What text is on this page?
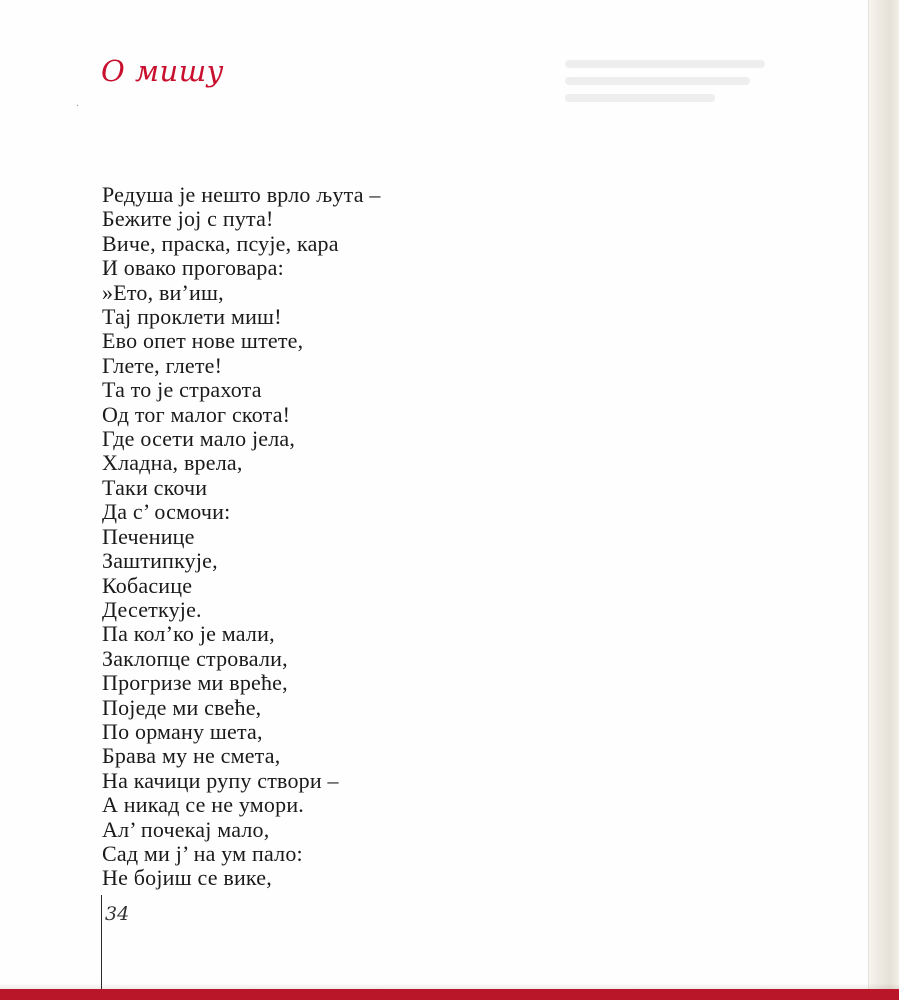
·
О мишу
Редуша је нешто врло љута –
Бежите јој с пута!
Виче, праска, псује, кара
И овако проговара:
»Ето, ви’иш,
Тај проклети миш!
Ево опет нове штете,
Глете, глете!
Та то је страхота
Од тог малог скота!
Где осети мало јела,
Хладна, врела,
Таки скочи
Да с’ осмочи:
Печенице
Заштипкује,
Кобасице
Десеткује.
Па кол’ко је мали,
Заклопце стровали,
Прогризе ми вреће,
Поједе ми свеће,
По орману шета,
Брава му не смета,
На качици рупу створи –
А никад се не умори.
Ал’ почекај мало,
Сад ми ј’ на ум пало:
Не бојиш се вике,
34
